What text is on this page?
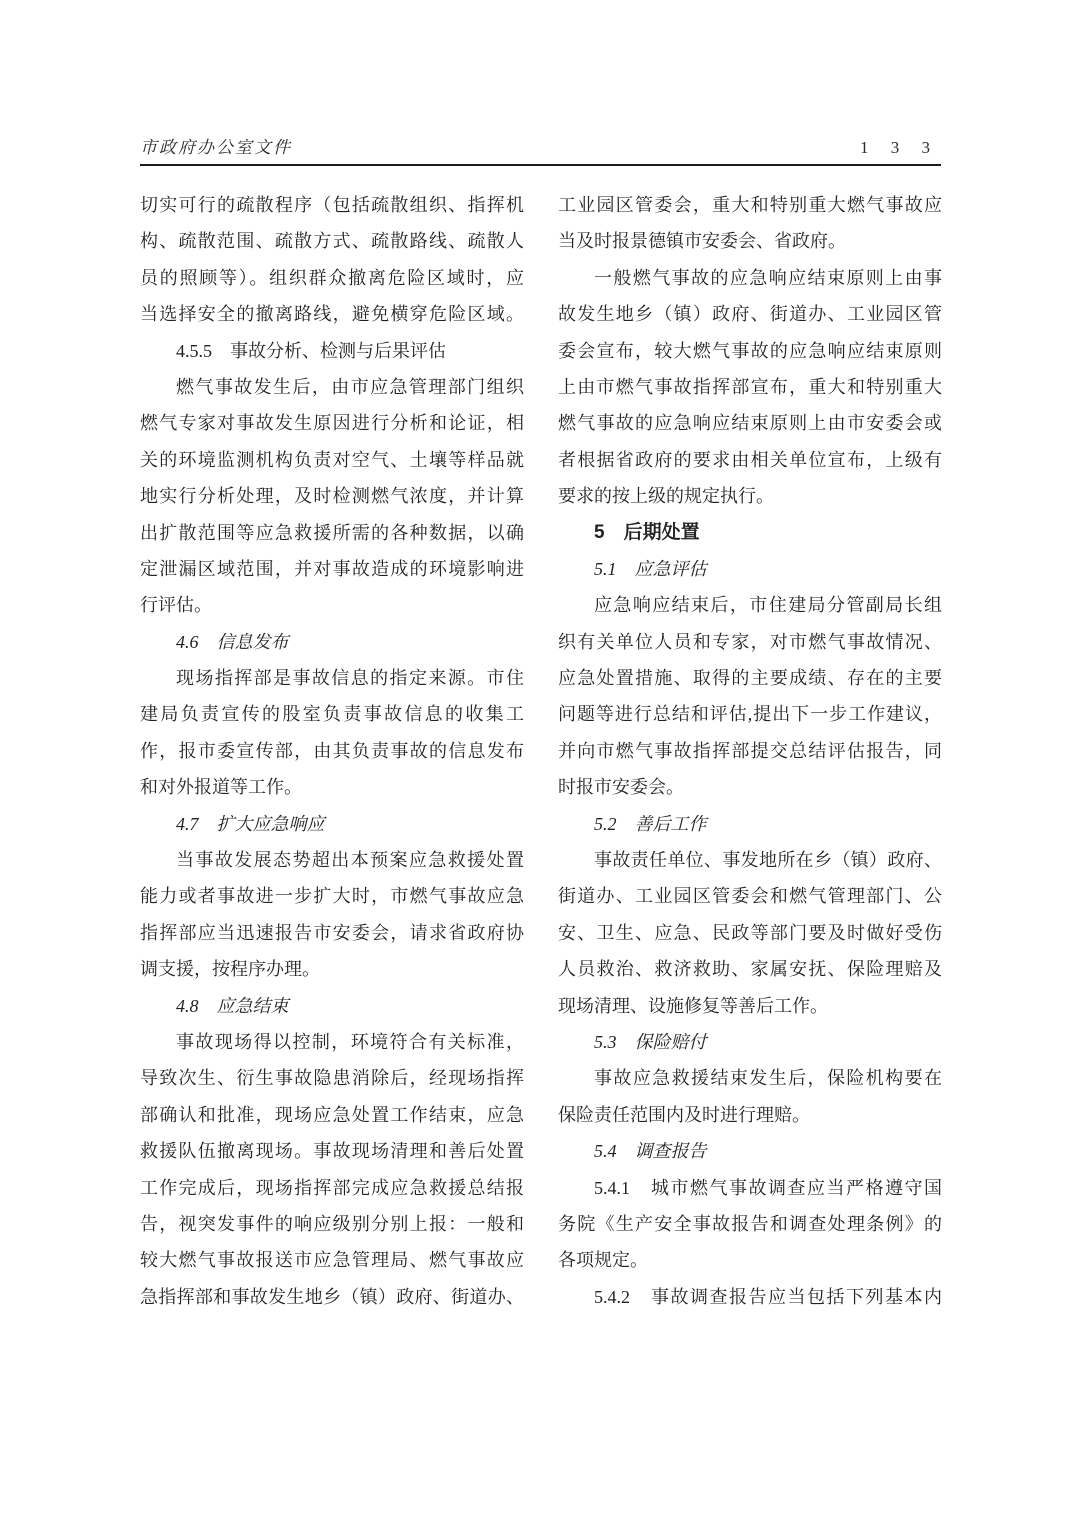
市政府办公室文件	1 3 3
切实可行的疏散程序（包括疏散组织、指挥机
构、疏散范围、疏散方式、疏散路线、疏散人
员的照顾等）。组织群众撤离危险区域时，应
当选择安全的撤离路线，避免横穿危险区域。
4.5.5　事故分析、检测与后果评估
燃气事故发生后，由市应急管理部门组织
燃气专家对事故发生原因进行分析和论证，相
关的环境监测机构负责对空气、土壤等样品就
地实行分析处理，及时检测燃气浓度，并计算
出扩散范围等应急救援所需的各种数据，以确
定泄漏区域范围，并对事故造成的环境影响进
行评估。
4.6　信息发布
现场指挥部是事故信息的指定来源。市住
建局负责宣传的股室负责事故信息的收集工
作，报市委宣传部，由其负责事故的信息发布
和对外报道等工作。
4.7　扩大应急响应
当事故发展态势超出本预案应急救援处置
能力或者事故进一步扩大时，市燃气事故应急
指挥部应当迅速报告市安委会，请求省政府协
调支援，按程序办理。
4.8　应急结束
事故现场得以控制，环境符合有关标准，
导致次生、衍生事故隐患消除后，经现场指挥
部确认和批准，现场应急处置工作结束，应急
救援队伍撤离现场。事故现场清理和善后处置
工作完成后，现场指挥部完成应急救援总结报
告，视突发事件的响应级别分别上报：一般和
较大燃气事故报送市应急管理局、燃气事故应
急指挥部和事故发生地乡（镇）政府、街道办、
工业园区管委会，重大和特别重大燃气事故应
当及时报景德镇市安委会、省政府。
一般燃气事故的应急响应结束原则上由事
故发生地乡（镇）政府、街道办、工业园区管
委会宣布，较大燃气事故的应急响应结束原则
上由市燃气事故指挥部宣布，重大和特别重大
燃气事故的应急响应结束原则上由市安委会或
者根据省政府的要求由相关单位宣布，上级有
要求的按上级的规定执行。
5　后期处置
5.1　应急评估
应急响应结束后，市住建局分管副局长组
织有关单位人员和专家，对市燃气事故情况、
应急处置措施、取得的主要成绩、存在的主要
问题等进行总结和评估,提出下一步工作建议，
并向市燃气事故指挥部提交总结评估报告，同
时报市安委会。
5.2　善后工作
事故责任单位、事发地所在乡（镇）政府、
街道办、工业园区管委会和燃气管理部门、公
安、卫生、应急、民政等部门要及时做好受伤
人员救治、救济救助、家属安抚、保险理赔及
现场清理、设施修复等善后工作。
5.3　保险赔付
事故应急救援结束发生后，保险机构要在
保险责任范围内及时进行理赔。
5.4　调查报告
5.4.1　城市燃气事故调查应当严格遵守国
务院《生产安全事故报告和调查处理条例》的
各项规定。
5.4.2　事故调查报告应当包括下列基本内
